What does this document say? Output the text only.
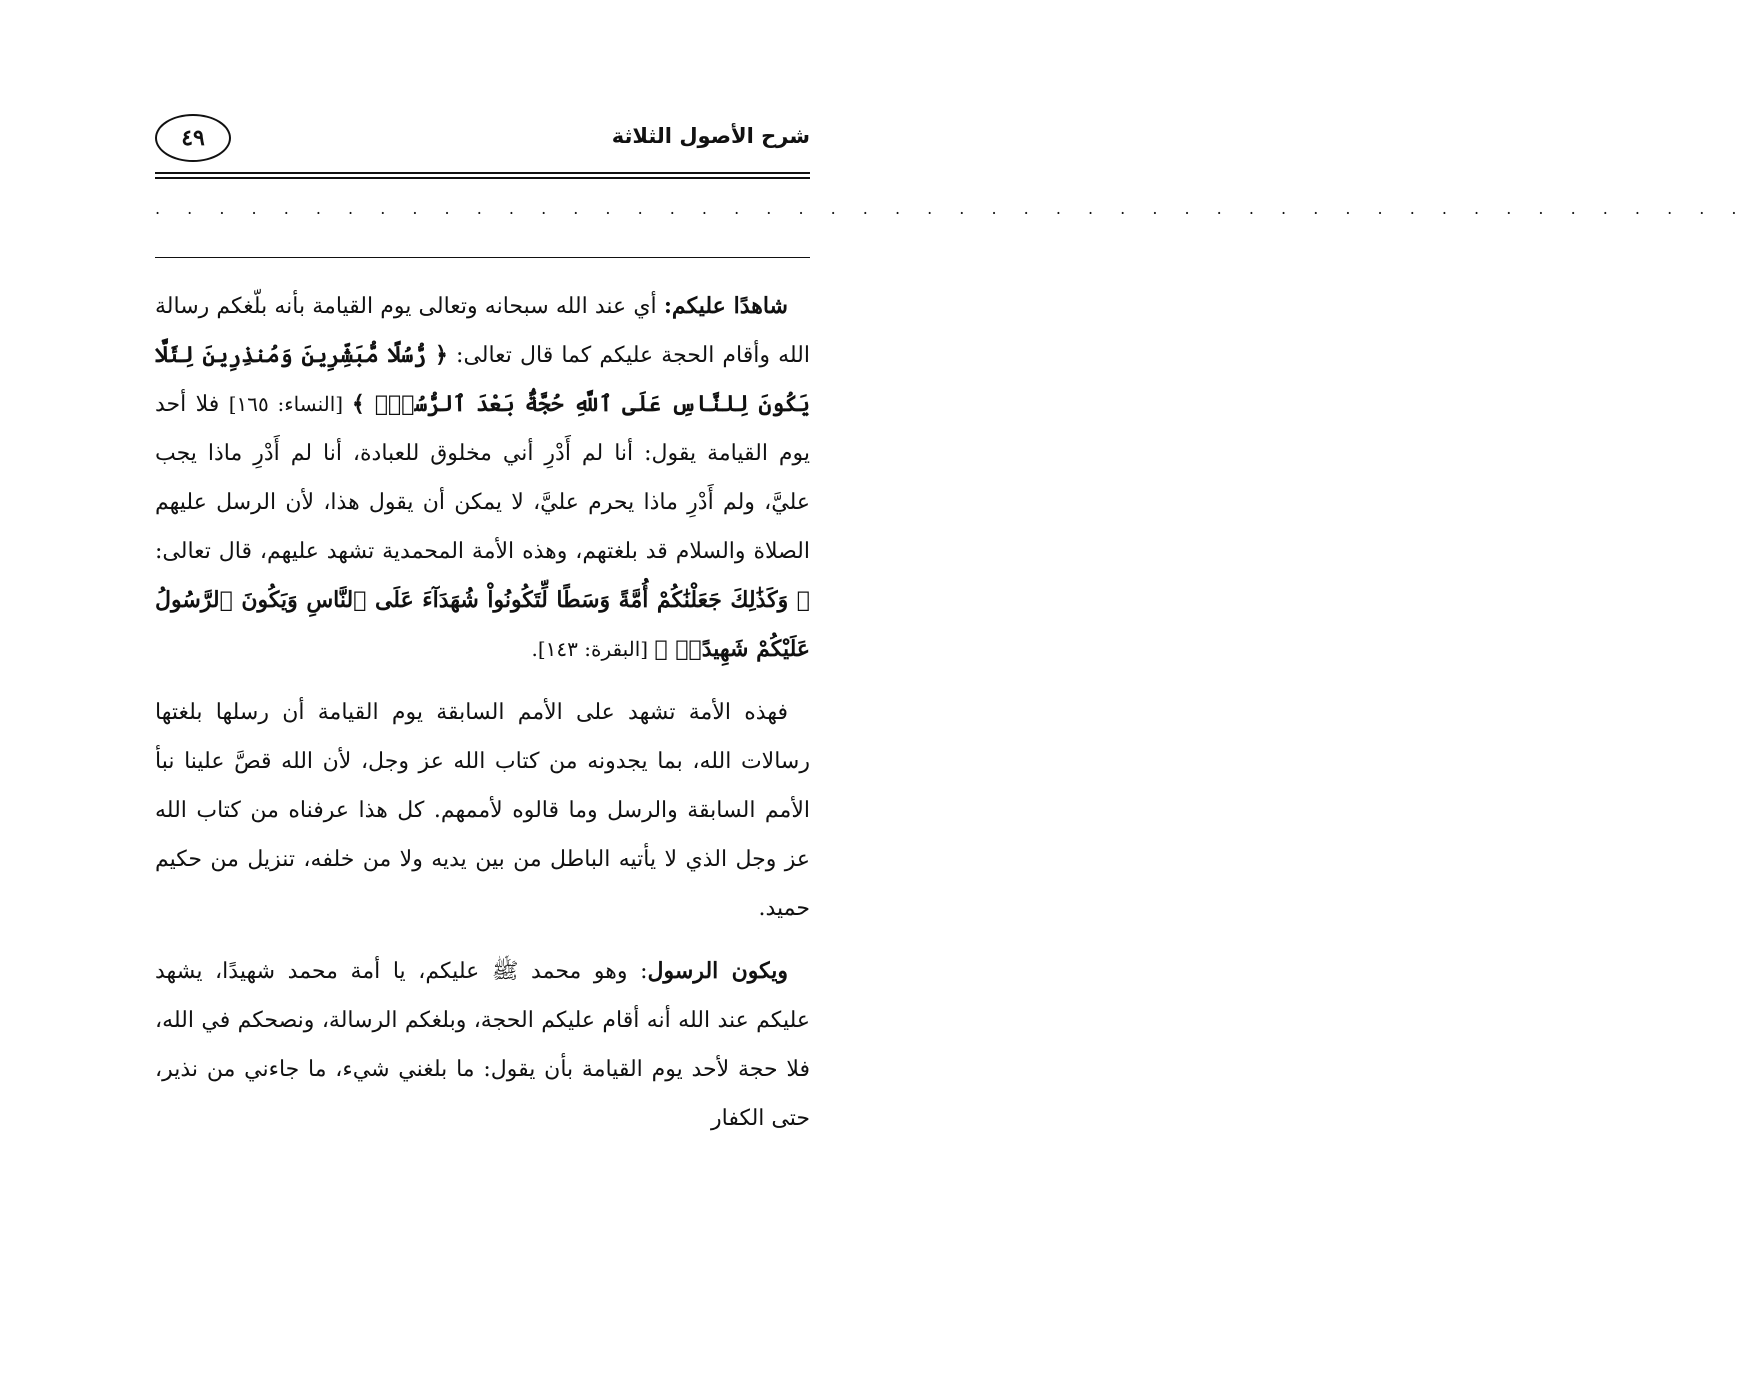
شرح الأصول الثلاثة
٤٩
. . . . . . . . . . . . . . . . . . . . . . . . . . . . . . . . . . . . . . . . . . . . . . . . . .

شاهدًا عليكم: أي عند الله سبحانه وتعالى يوم القيامة بأنه بلّغكم رسالة الله وأقام الحجة عليكم كما قال تعالى: ﴿ رُّسُلًا مُّبَشِّرِينَ وَمُنذِرِينَ لِئَلَّا يَكُونَ لِلنَّاسِ عَلَى ٱللَّهِ حُجَّةٌۢ بَعْدَ ٱلرُّسُلِۚ ﴾ [النساء: ١٦٥] فلا أحد يوم القيامة يقول: أنا لم أَدْرِ أني مخلوق للعبادة، أنا لم أَدْرِ ماذا يجب عليَّ، ولم أَدْرِ ماذا يحرم عليَّ، لا يمكن أن يقول هذا، لأن الرسل عليهم الصلاة والسلام قد بلغتهم، وهذه الأمة المحمدية تشهد عليهم، قال تعالى: ﴿ وَكَذَٰلِكَ جَعَلْنَٰكُمْ أُمَّةً وَسَطًا لِّتَكُونُواْ شُهَدَآءَ عَلَى ٱلنَّاسِ وَيَكُونَ ٱلرَّسُولُ عَلَيْكُمْ شَهِيدًاۗ ﴾ [البقرة: ١٤٣].

فهذه الأمة تشهد على الأمم السابقة يوم القيامة أن رسلها بلغتها رسالات الله، بما يجدونه من كتاب الله عز وجل، لأن الله قصَّ علينا نبأ الأمم السابقة والرسل وما قالوه لأممهم. كل هذا عرفناه من كتاب الله عز وجل الذي لا يأتيه الباطل من بين يديه ولا من خلفه، تنزيل من حكيم حميد.

ويكون الرسول: وهو محمد ﷺ عليكم، يا أمة محمد شهيدًا، يشهد عليكم عند الله أنه أقام عليكم الحجة، وبلغكم الرسالة، ونصحكم في الله، فلا حجة لأحد يوم القيامة بأن يقول: ما بلغني شيء، ما جاءني من نذير، حتى الكفار
